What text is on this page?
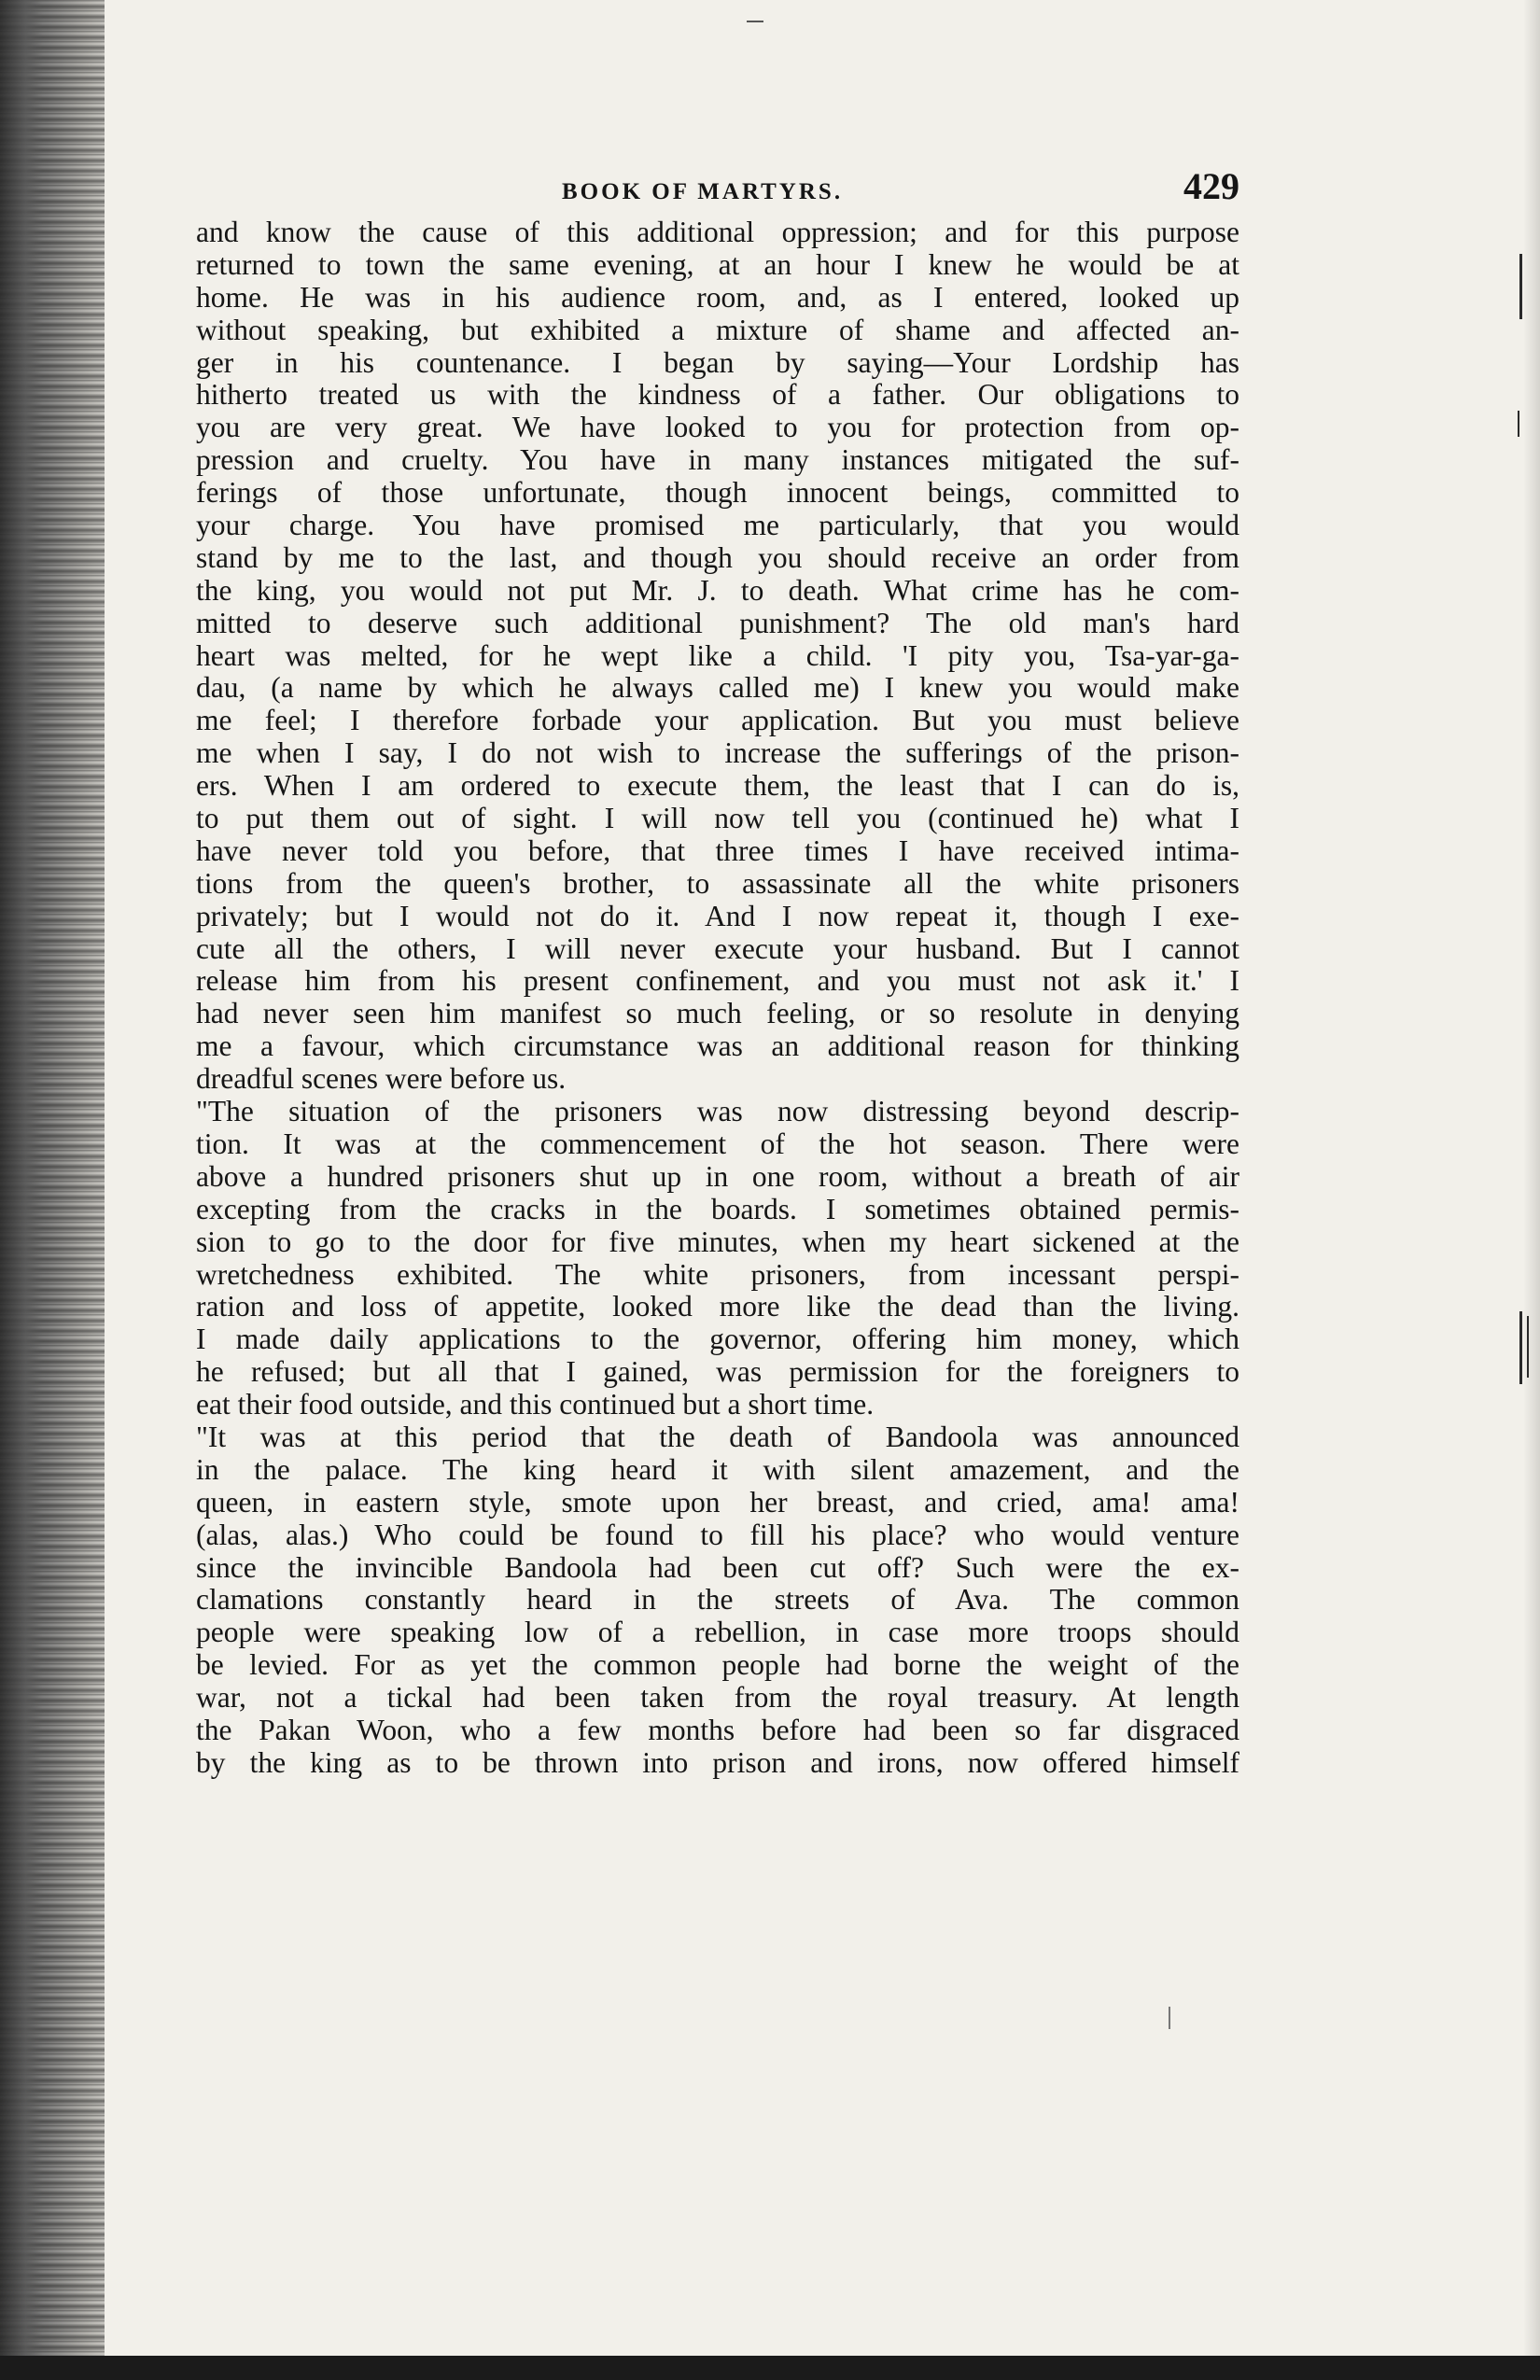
BOOK OF MARTYRS.	429
and know the cause of this additional oppression; and for this purpose
returned to town the same evening, at an hour I knew he would be at
home. He was in his audience room, and, as I entered, looked up
without speaking, but exhibited a mixture of shame and affected an-
ger in his countenance. I began by saying—Your Lordship has
hitherto treated us with the kindness of a father. Our obligations to
you are very great. We have looked to you for protection from op-
pression and cruelty. You have in many instances mitigated the suf-
ferings of those unfortunate, though innocent beings, committed to
your charge. You have promised me particularly, that you would
stand by me to the last, and though you should receive an order from
the king, you would not put Mr. J. to death. What crime has he com-
mitted to deserve such additional punishment? The old man's hard
heart was melted, for he wept like a child. 'I pity you, Tsa-yar-ga-
dau, (a name by which he always called me) I knew you would make
me feel; I therefore forbade your application. But you must believe
me when I say, I do not wish to increase the sufferings of the prison-
ers. When I am ordered to execute them, the least that I can do is,
to put them out of sight. I will now tell you (continued he) what I
have never told you before, that three times I have received intima-
tions from the queen's brother, to assassinate all the white prisoners
privately; but I would not do it. And I now repeat it, though I exe-
cute all the others, I will never execute your husband. But I cannot
release him from his present confinement, and you must not ask it.' I
had never seen him manifest so much feeling, or so resolute in denying
me a favour, which circumstance was an additional reason for thinking
dreadful scenes were before us.
"The situation of the prisoners was now distressing beyond descrip-
tion. It was at the commencement of the hot season. There were
above a hundred prisoners shut up in one room, without a breath of air
excepting from the cracks in the boards. I sometimes obtained permis-
sion to go to the door for five minutes, when my heart sickened at the
wretchedness exhibited. The white prisoners, from incessant perspi-
ration and loss of appetite, looked more like the dead than the living.
I made daily applications to the governor, offering him money, which
he refused; but all that I gained, was permission for the foreigners to
eat their food outside, and this continued but a short time.
"It was at this period that the death of Bandoola was announced
in the palace. The king heard it with silent amazement, and the
queen, in eastern style, smote upon her breast, and cried, ama! ama!
(alas, alas.) Who could be found to fill his place? who would venture
since the invincible Bandoola had been cut off? Such were the ex-
clamations constantly heard in the streets of Ava. The common
people were speaking low of a rebellion, in case more troops should
be levied. For as yet the common people had borne the weight of the
war, not a tickal had been taken from the royal treasury. At length
the Pakan Woon, who a few months before had been so far disgraced
by the king as to be thrown into prison and irons, now offered himself
